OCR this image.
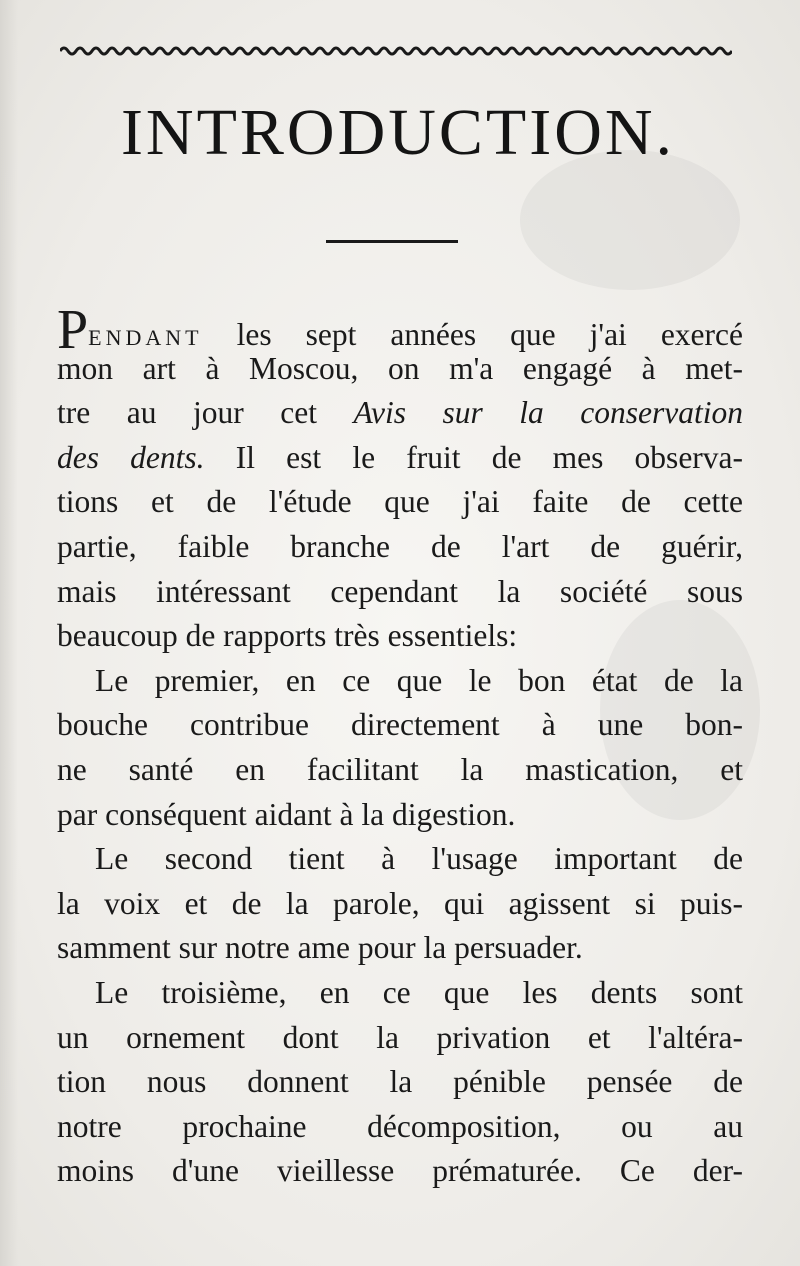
INTRODUCTION.
PENDANT les sept années que j'ai exercé
mon art à Moscou, on m'a engagé à met-
tre au jour cet Avis sur la conservation
des dents. Il est le fruit de mes observa-
tions et de l'étude que j'ai faite de cette
partie, faible branche de l'art de guérir,
mais intéressant cependant la société sous
beaucoup de rapports très essentiels:
Le premier, en ce que le bon état de la
bouche contribue directement à une bon-
ne santé en facilitant la mastication, et
par conséquent aidant à la digestion.
Le second tient à l'usage important de
la voix et de la parole, qui agissent si puis-
samment sur notre ame pour la persuader.
Le troisième, en ce que les dents sont
un ornement dont la privation et l'altéra-
tion nous donnent la pénible pensée de
notre prochaine décomposition, ou au
moins d'une vieillesse prématurée. Ce der-
